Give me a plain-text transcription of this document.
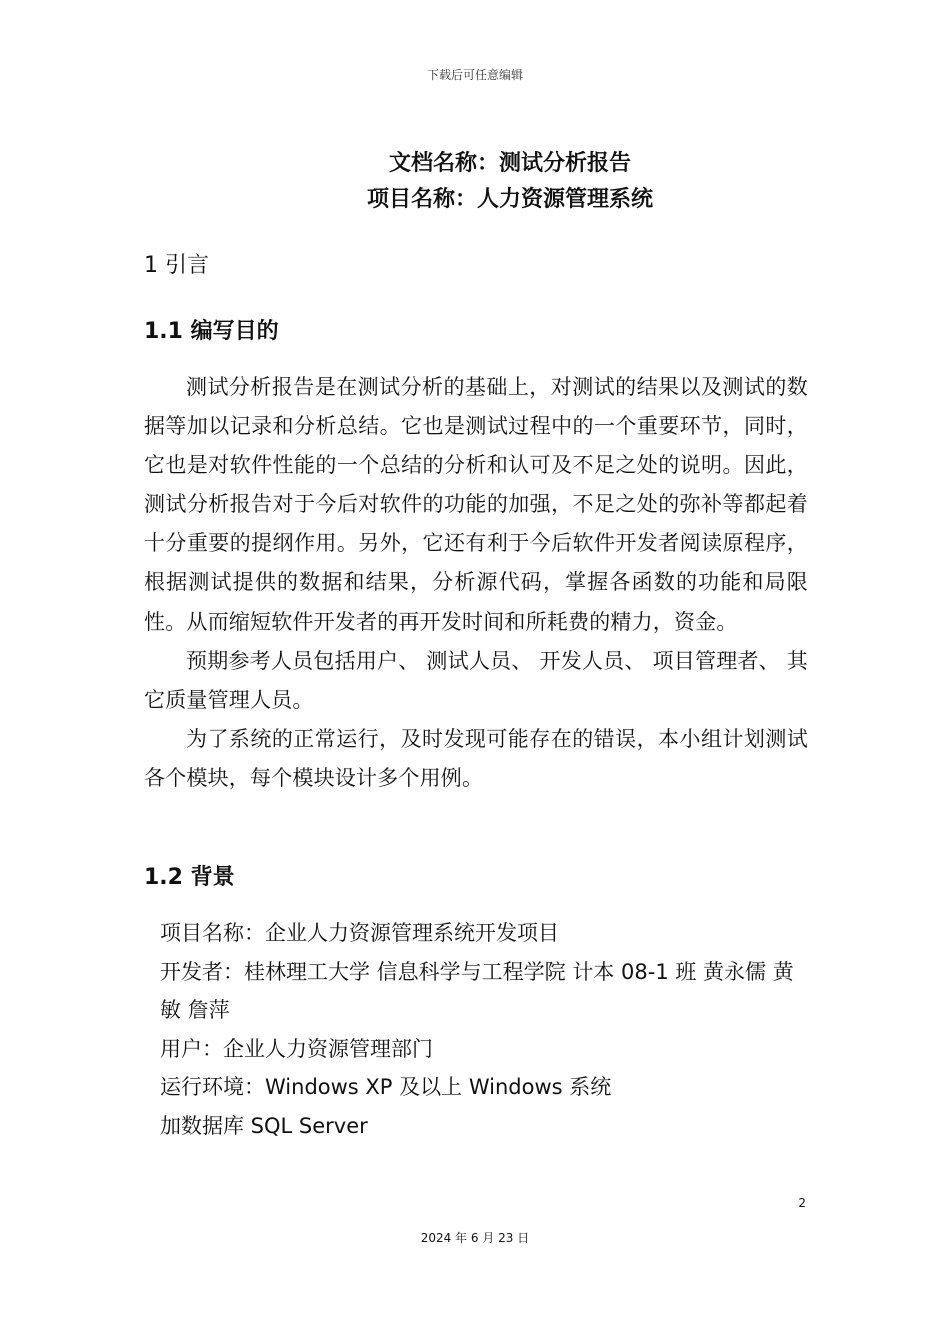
下载后可任意编辑
文档名称：测试分析报告
项目名称：人力资源管理系统
1 引言
1.1 编写目的

测试分析报告是在测试分析的基础上，对测试的结果以及测试的数据等加以记录和分析总结。它也是测试过程中的一个重要环节，同时，它也是对软件性能的一个总结的分析和认可及不足之处的说明。因此，测试分析报告对于今后对软件的功能的加强，不足之处的弥补等都起着十分重要的提纲作用。另外，它还有利于今后软件开发者阅读原程序，根据测试提供的数据和结果，分析源代码，掌握各函数的功能和局限性。从而缩短软件开发者的再开发时间和所耗费的精力，资金。

预期参考人员包括用户、 测试人员、 开发人员、 项目管理者、 其它质量管理人员。

为了系统的正常运行，及时发现可能存在的错误，本小组计划测试各个模块，每个模块设计多个用例。

1.2 背景

项目名称：企业人力资源管理系统开发项目

开发者：桂林理工大学 信息科学与工程学院 计本 08-1 班 黄永儒 黄敏 詹萍

用户：企业人力资源管理部门

运行环境：Windows XP 及以上 Windows 系统

加数据库 SQL Server

2
2024 年 6 月 23 日
